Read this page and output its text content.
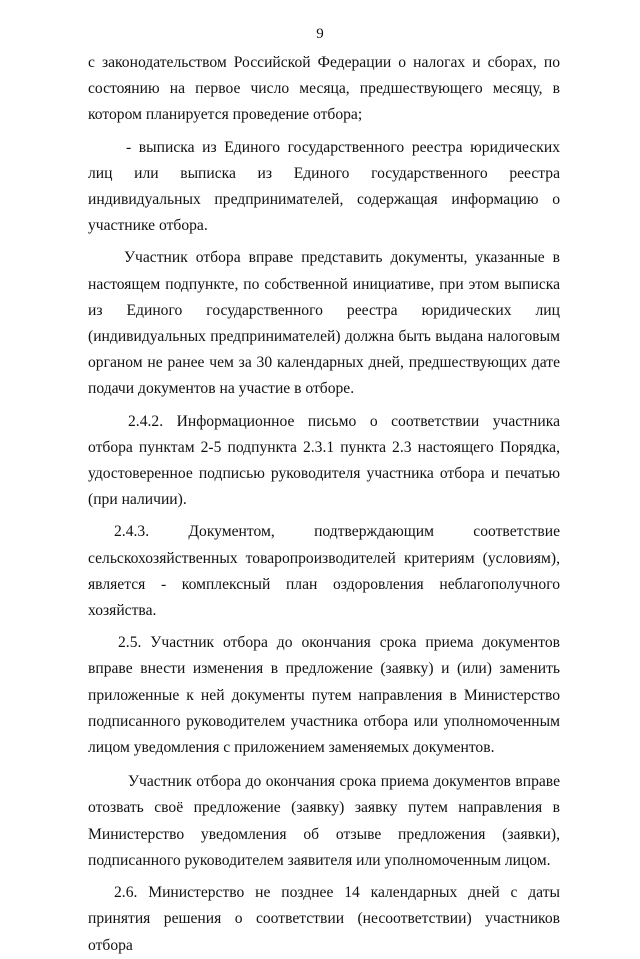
9

с законодательством Российской Федерации о налогах и сборах, по состоянию на первое число месяца, предшествующего месяцу, в котором планируется проведение отбора;

- выписка из Единого государственного реестра юридических лиц или выписка из Единого государственного реестра индивидуальных предпринимателей, содержащая информацию о участнике отбора.

Участник отбора вправе представить документы, указанные в настоящем подпункте, по собственной инициативе, при этом выписка из Единого государственного реестра юридических лиц (индивидуальных предпринимателей) должна быть выдана налоговым органом не ранее чем за 30 календарных дней, предшествующих дате подачи документов на участие в отборе.

2.4.2. Информационное письмо о соответствии участника отбора пунктам 2-5 подпункта 2.3.1 пункта 2.3 настоящего Порядка, удостоверенное подписью руководителя участника отбора и печатью (при наличии).

2.4.3. Документом, подтверждающим соответствие сельскохозяйственных товаропроизводителей критериям (условиям), является - комплексный план оздоровления неблагополучного хозяйства.

2.5. Участник отбора до окончания срока приема документов вправе внести изменения в предложение (заявку) и (или) заменить приложенные к ней документы путем направления в Министерство подписанного руководителем участника отбора или уполномоченным лицом уведомления с приложением заменяемых документов.

Участник отбора до окончания срока приема документов вправе отозвать своё предложение (заявку) заявку путем направления в Министерство уведомления об отзыве предложения (заявки), подписанного руководителем заявителя или уполномоченным лицом.

2.6. Министерство не позднее 14 календарных дней с даты принятия решения о соответствии (несоответствии) участников отбора
